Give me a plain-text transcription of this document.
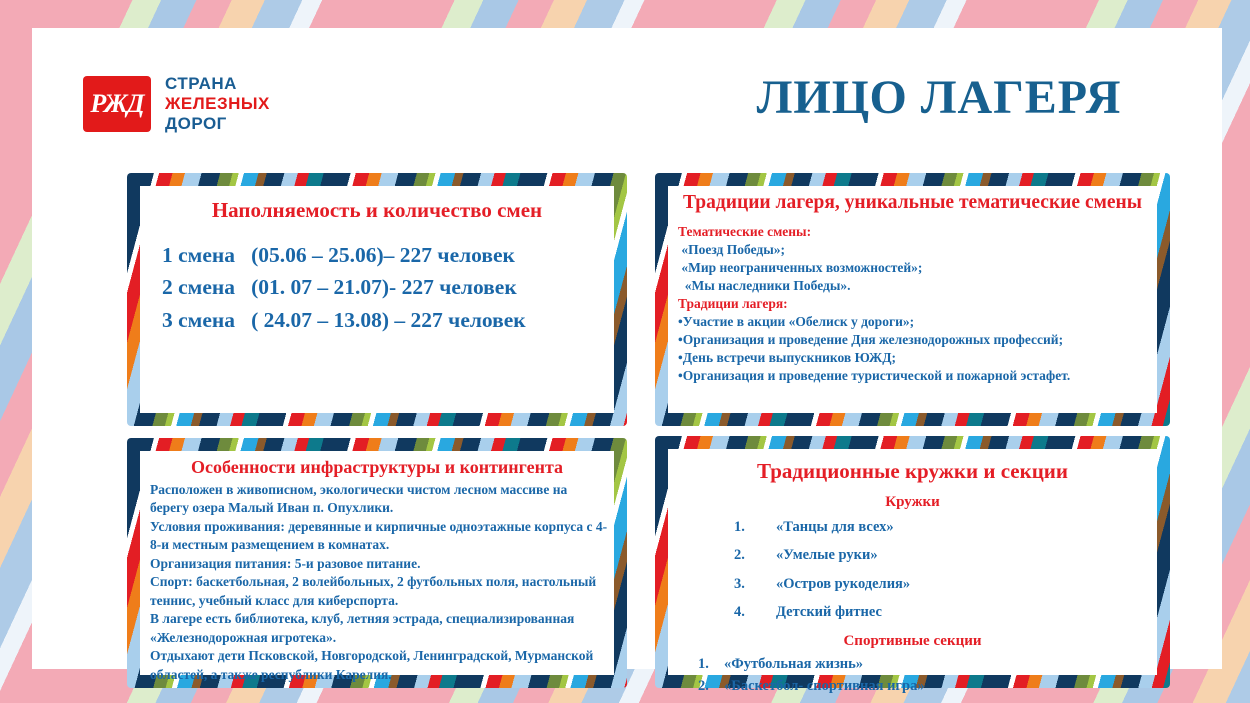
РЖД
СТРАНА
ЖЕЛЕЗНЫХ
ДОРОГ	ЛИЦО ЛАГЕРЯ
Наполняемость и количество смен
1 смена   (05.06 – 25.06)– 227 человек
2 смена   (01. 07 – 21.07)- 227 человек
3 смена   ( 24.07 – 13.08) – 227 человек
Традиции лагеря, уникальные тематические смены
Тематические смены:
«Поезд Победы»;
«Мир неограниченных возможностей»;
«Мы наследники Победы».
Традиции лагеря:
•Участие в акции «Обелиск у дороги»;
•Организация и проведение Дня железнодорожных профессий;
•День встречи выпускников ЮЖД;
•Организация и проведение туристической и пожарной эстафет.
Особенности инфраструктуры и контингента
Расположен в живописном, экологически чистом лесном массиве на берегу озера Малый Иван п. Опухлики.
Условия проживания: деревянные и кирпичные одноэтажные корпуса с 4-8-и местным размещением в комнатах.
Организация питания: 5-и разовое питание.
Спорт: баскетбольная, 2 волейбольных, 2 футбольных поля, настольный теннис, учебный класс для киберспорта.
В лагере есть библиотека, клуб, летняя эстрада, специализированная «Железнодорожная игротека».
Отдыхают дети Псковской, Новгородской, Ленинградской, Мурманской областей, а также республики Карелия.
Традиционные кружки и секции
Кружки
1.	«Танцы для всех»
2.	«Умелые руки»
3.	«Остров рукоделия»
4.	Детский фитнес
Спортивные секции
1.	«Футбольная жизнь»
2.	«Баскетбол- спортивная игра»
